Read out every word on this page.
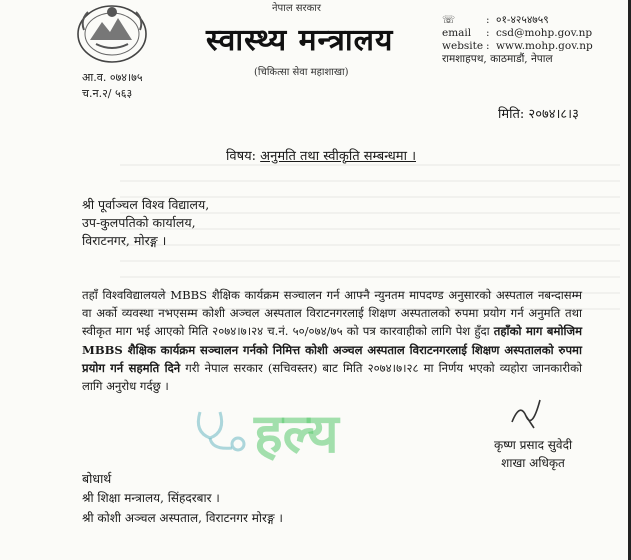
नेपाल सरकार
स्वास्थ्य मन्त्रालय
(चिकित्सा सेवा महाशाखा)
☏	: ०१-४२५४७५९
email	: csd@mohp.gov.np
website : www.mohp.gov.np
रामशाहपथ, काठमाडौं, नेपाल
आ.व. ०७४।७५
च.न.२/ ५६३
मिति: २०७४।८।३
विषय: अनुमति तथा स्वीकृति सम्बन्धमा ।
श्री पूर्वाञ्चल विश्व विद्यालय,
उप-कुलपतिको कार्यालय,
विराटनगर, मोरङ्ग ।
तहाँ विश्वविद्यालयले MBBS शैक्षिक कार्यक्रम सञ्चालन गर्न आफ्नै न्युनतम मापदण्ड अनुसारको अस्पताल नबन्दासम्म वा अर्को व्यवस्था नभएसम्म कोशी अञ्चल अस्पताल विराटनगरलाई शिक्षण अस्पतालको रुपमा प्रयोग गर्न अनुमति तथा स्वीकृत माग भई आएको मिति २०७४।७।२४ च.नं. ५०/०७४/७५ को पत्र कारवाहीको लागि पेश हुँदा तहाँको माग बमोजिम MBBS शैक्षिक कार्यक्रम सञ्चालन गर्नको निमित्त कोशी अञ्चल अस्पताल विराटनगरलाई शिक्षण अस्पतालको रुपमा प्रयोग गर्न सहमति दिने गरी नेपाल सरकार (सचिवस्तर) बाट मिति २०७४।७।२८ मा निर्णय भएको व्यहोरा जानकारीको लागि अनुरोध गर्दछु ।
कृष्ण प्रसाद सुवेदी
शाखा अधिकृत
बोधार्थ
श्री शिक्षा मन्त्रालय, सिंहदरबार ।
श्री कोशी अञ्चल अस्पताल, विराटनगर मोरङ्ग ।
हल्य
